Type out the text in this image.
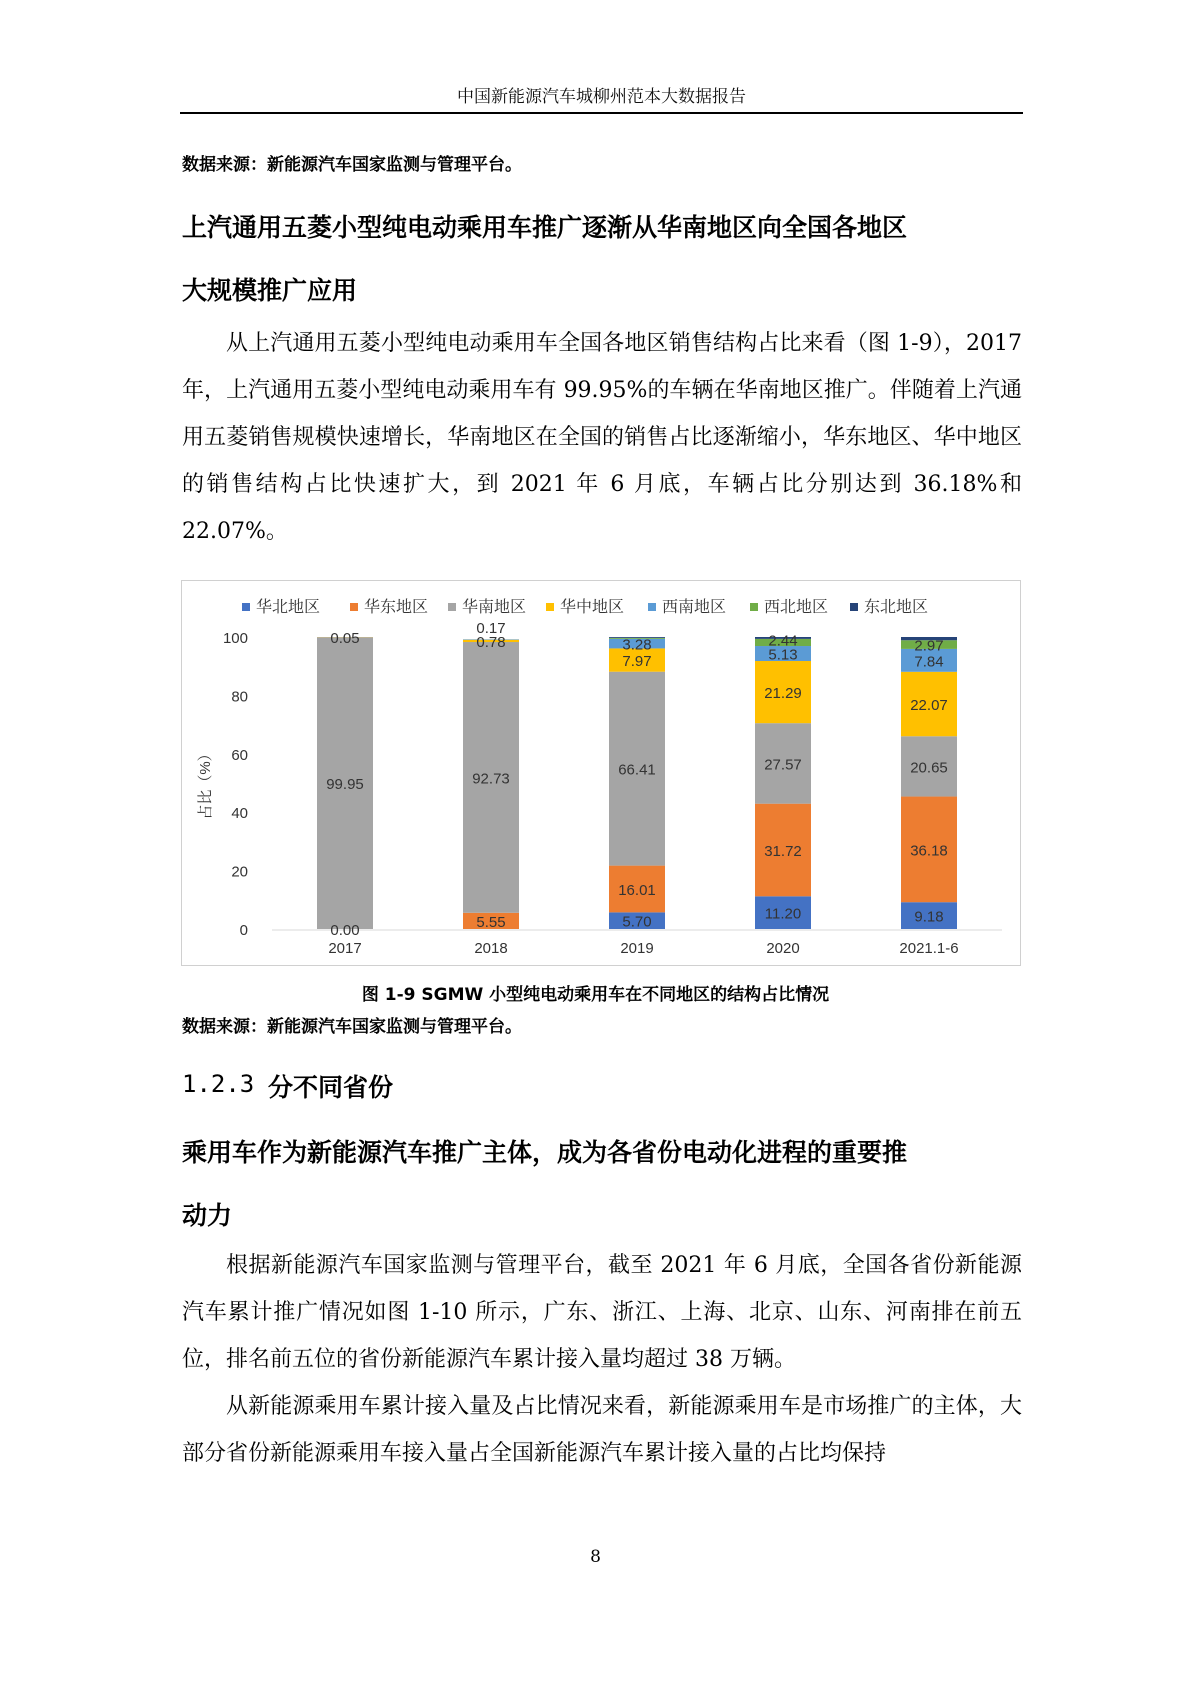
中国新能源汽车城柳州范本大数据报告
数据来源：新能源汽车国家监测与管理平台。
上汽通用五菱小型纯电动乘用车推广逐渐从华南地区向全国各地区
大规模推广应用

从上汽通用五菱小型纯电动乘用车全国各地区销售结构占比来看（图 1-9），2017 年，上汽通用五菱小型纯电动乘用车有 99.95%的车辆在华南地区推广。伴随着上汽通用五菱销售规模快速增长，华南地区在全国的销售占比逐渐缩小，华东地区、华中地区的销售结构占比快速扩大，到 2021 年 6 月底，车辆占比分别达到 36.18%和 22.07%。

华北地区	华东地区 华南地区 华中地区 西南地区 西北地区 东北地区
0
20
40
60
80
100
占比（%）
0.00
99.95
0.05
2017
5.55
92.73
0.78
0.17
2018
5.70
16.01
66.41
7.97
3.28
2019
11.20
31.72
27.57
21.29
5.13
2.44
2020
9.18
36.18
20.65
22.07
7.84
2.97
2021.1-6
图 1-9 SGMW 小型纯电动乘用车在不同地区的结构占比情况
数据来源：新能源汽车国家监测与管理平台。
1.2.3 分不同省份
乘用车作为新能源汽车推广主体，成为各省份电动化进程的重要推
动力

根据新能源汽车国家监测与管理平台，截至 2021 年 6 月底，全国各省份新能源汽车累计推广情况如图 1-10 所示，广东、浙江、上海、北京、山东、河南排在前五位，排名前五位的省份新能源汽车累计接入量均超过 38 万辆。

从新能源乘用车累计接入量及占比情况来看，新能源乘用车是市场推广的主体，大部分省份新能源乘用车接入量占全国新能源汽车累计接入量的占比均保持

8
